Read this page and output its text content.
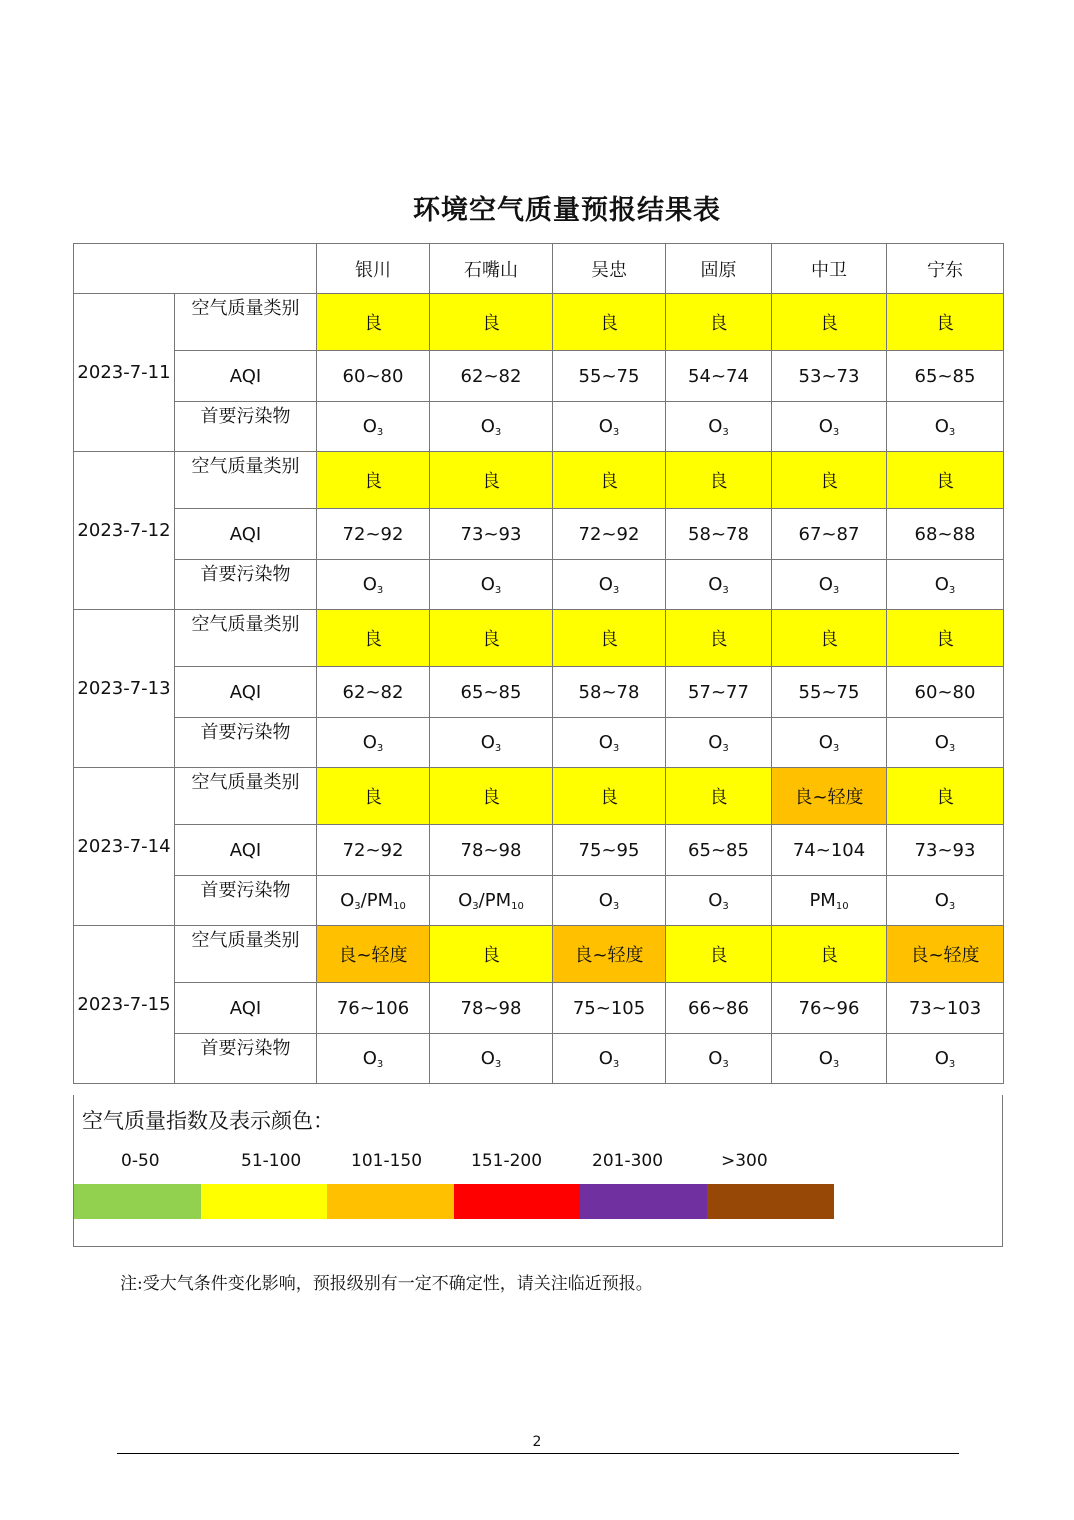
环境空气质量预报结果表
		银川	石嘴山	吴忠	固原	中卫	宁东
2023-7-11	空气质量类别	良	良	良	良	良	良
	AQI	60~80	62~82	55~75	54~74	53~73	65~85
	首要污染物	$O_3$	$O_3$	$O_3$	$O_3$	$O_3$	$O_3$
2023-7-12	空气质量类别	良	良	良	良	良	良
	AQI	72~92	73~93	72~92	58~78	67~87	68~88
	首要污染物	$O_3$	$O_3$	$O_3$	$O_3$	$O_3$	$O_3$
2023-7-13	空气质量类别	良	良	良	良	良	良
	AQI	62~82	65~85	58~78	57~77	55~75	60~80
	首要污染物	$O_3$	$O_3$	$O_3$	$O_3$	$O_3$	$O_3$
2023-7-14	空气质量类别	良	良	良	良	良~轻度	良
	AQI	72~92	78~98	75~95	65~85	74~104	73~93
	首要污染物	$O_3/PM_{10}$	$O_3/PM_{10}$	$O_3$	$O_3$	$PM_{10}$	$O_3$
2023-7-15	空气质量类别	良~轻度	良	良~轻度	良	良	良~轻度
	AQI	76~106	78~98	75~105	66~86	76~96	73~103
	首要污染物	$O_3$	$O_3$	$O_3$	$O_3$	$O_3$	$O_3$
空气质量指数及表示颜色：
0-50	51-100	101-150	151-200	201-300	>300
注:受大气条件变化影响，预报级别有一定不确定性，请关注临近预报。
2
